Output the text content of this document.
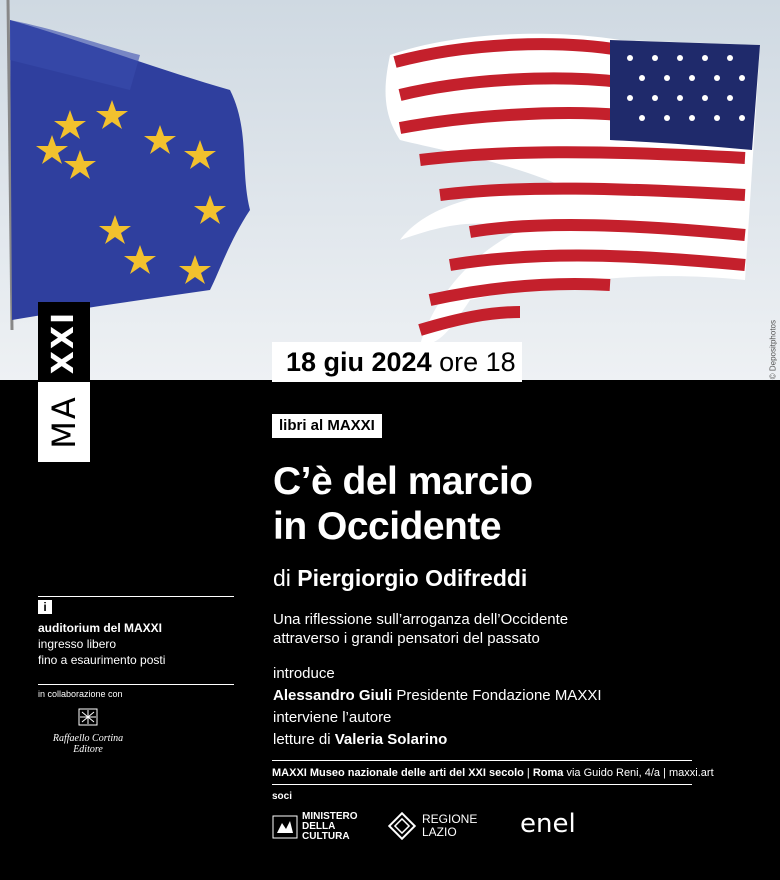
© Depositphotos
XXI
MA
18 giu 2024 ore 18
libri al MAXXI
C’è del marcio
in Occidente
di Piergiorgio Odifreddi
Una riflessione sull’arroganza dell’Occidente
attraverso i grandi pensatori del passato
introduce
Alessandro Giuli Presidente Fondazione MAXXI
interviene l’autore
letture di Valeria Solarino
MAXXI Museo nazionale delle arti del XXI secolo | Roma via Guido Reni, 4/a | maxxi.art
soci
MINISTERO
DELLA
CULTURA
REGIONE
LAZIO	enel
i
auditorium del MAXXI
ingresso libero
fino a esaurimento posti
in collaborazione con
Raffaello Cortina Editore
